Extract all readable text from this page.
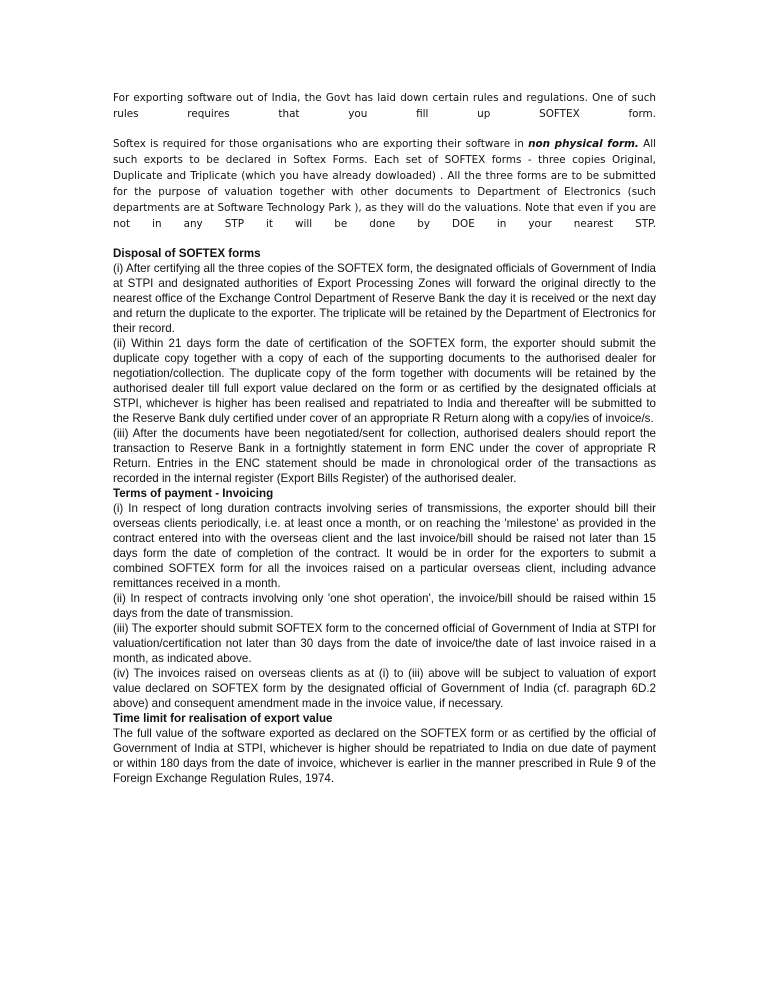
For exporting software out of India, the Govt has laid down certain rules and regulations. One of such rules requires that you fill up SOFTEX form.

Softex is required for those organisations who are exporting their software in non physical form. All such exports to be declared in Softex Forms. Each set of SOFTEX forms - three copies Original, Duplicate and Triplicate (which you have already dowloaded) . All the three forms are to be submitted for the purpose of valuation together with other documents to Department of Electronics (such departments are at Software Technology Park ), as they will do the valuations. Note that even if you are not in any STP it will be done by DOE in your nearest STP.

Disposal of SOFTEX forms

(i) After certifying all the three copies of the SOFTEX form, the designated officials of Government of India at STPI and designated authorities of Export Processing Zones will forward the original directly to the nearest office of the Exchange Control Department of Reserve Bank the day it is received or the next day and return the duplicate to the exporter. The triplicate will be retained by the Department of Electronics for their record.

(ii) Within 21 days form the date of certification of the SOFTEX form, the exporter should submit the duplicate copy together with a copy of each of the supporting documents to the authorised dealer for negotiation/collection. The duplicate copy of the form together with documents will be retained by the authorised dealer till full export value declared on the form or as certified by the designated officials at STPI, whichever is higher has been realised and repatriated to India and thereafter will be submitted to the Reserve Bank duly certified under cover of an appropriate R Return along with a copy/ies of invoice/s.

(iii) After the documents have been negotiated/sent for collection, authorised dealers should report the transaction to Reserve Bank in a fortnightly statement in form ENC under the cover of appropriate R Return. Entries in the ENC statement should be made in chronological order of the transactions as recorded in the internal register (Export Bills Register) of the authorised dealer.

Terms of payment - Invoicing

(i) In respect of long duration contracts involving series of transmissions, the exporter should bill their overseas clients periodically, i.e. at least once a month, or on reaching the 'milestone' as provided in the contract entered into with the overseas client and the last invoice/bill should be raised not later than 15 days form the date of completion of the contract. It would be in order for the exporters to submit a combined SOFTEX form for all the invoices raised on a particular overseas client, including advance remittances received in a month.

(ii) In respect of contracts involving only 'one shot operation', the invoice/bill should be raised within 15 days from the date of transmission.

(iii) The exporter should submit SOFTEX form to the concerned official of Government of India at STPI for valuation/certification not later than 30 days from the date of invoice/the date of last invoice raised in a month, as indicated above.

(iv) The invoices raised on overseas clients as at (i) to (iii) above will be subject to valuation of export value declared on SOFTEX form by the designated official of Government of India (cf. paragraph 6D.2 above) and consequent amendment made in the invoice value, if necessary.

Time limit for realisation of export value

The full value of the software exported as declared on the SOFTEX form or as certified by the official of Government of India at STPI, whichever is higher should be repatriated to India on due date of payment or within 180 days from the date of invoice, whichever is earlier in the manner prescribed in Rule 9 of the Foreign Exchange Regulation Rules, 1974.
